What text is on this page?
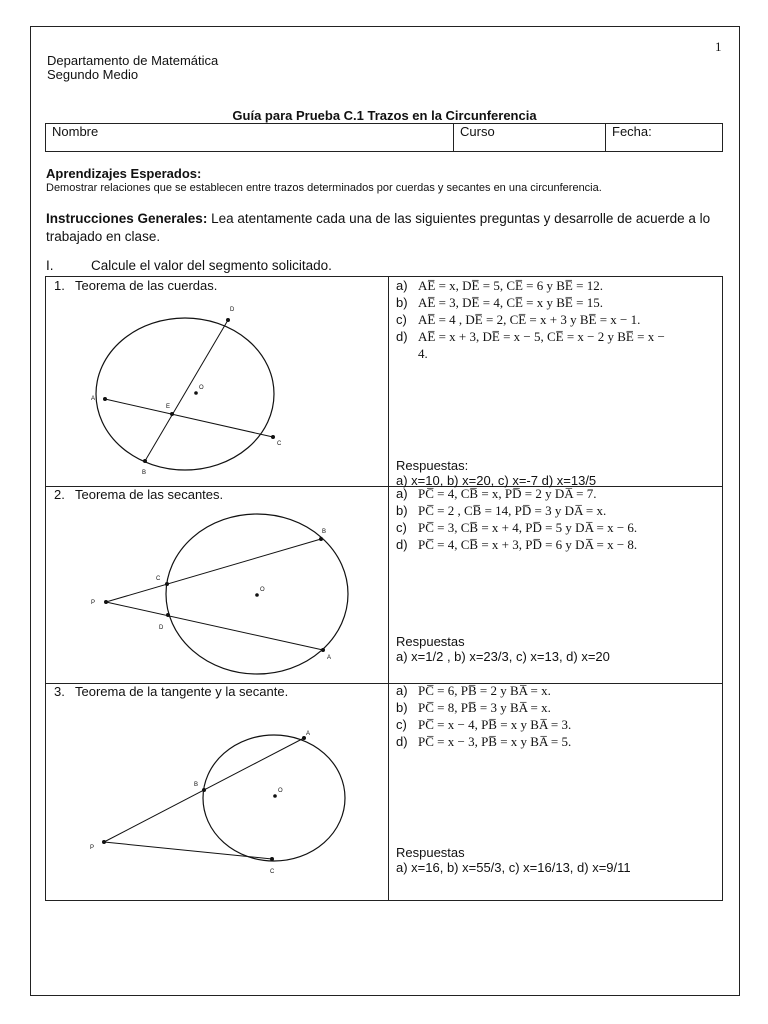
1
Departamento de Matemática
Segundo Medio
Guía para Prueba C.1 Trazos en la Circunferencia
Nombre	Curso	Fecha:
Aprendizajes Esperados:
Demostrar relaciones que se establecen entre trazos determinados por cuerdas y secantes en una circunferencia.
Instrucciones Generales: Lea atentamente cada una de las siguientes preguntas y desarrolle de acuerde a lo trabajado en clase.
I.	Calcule el valor del segmento solicitado.
1. Teorema de las cuerdas.
D
O
A
E
C
B
a) AE̅ = x, DE̅ = 5, CE̅ = 6 y BE̅ = 12.
b) AE̅ = 3, DE̅ = 4, CE̅ = x y BE̅ = 15.
c) AE̅ = 4 , DE̅ = 2, CE̅ = x + 3 y BE̅ = x − 1.
d) AE̅ = x + 3, DE̅ = x − 5, CE̅ = x − 2 y BE̅ = x −
4.
Respuestas:
a) x=10, b) x=20, c) x=-7 d) x=13/5
2. Teorema de las secantes.
B
C
O
P
D
A
a) PC̅ = 4, CB̅ = x, PD̅ = 2 y DA̅ = 7.
b) PC̅ = 2 , CB̅ = 14, PD̅ = 3 y DA̅ = x.
c) PC̅ = 3, CB̅ = x + 4, PD̅ = 5 y DA̅ = x − 6.
d) PC̅ = 4, CB̅ = x + 3, PD̅ = 6 y DA̅ = x − 8.
Respuestas
a) x=1/2 , b) x=23/3, c) x=13, d) x=20
3. Teorema de la tangente y la secante.
A
B
O
P
C
a) PC̅ = 6, PB̅ = 2 y BA̅ = x.
b) PC̅ = 8, PB̅ = 3 y BA̅ = x.
c) PC̅ = x − 4, PB̅ = x y BA̅ = 3.
d) PC̅ = x − 3, PB̅ = x y BA̅ = 5.
Respuestas
a) x=16, b) x=55/3, c) x=16/13, d) x=9/11
